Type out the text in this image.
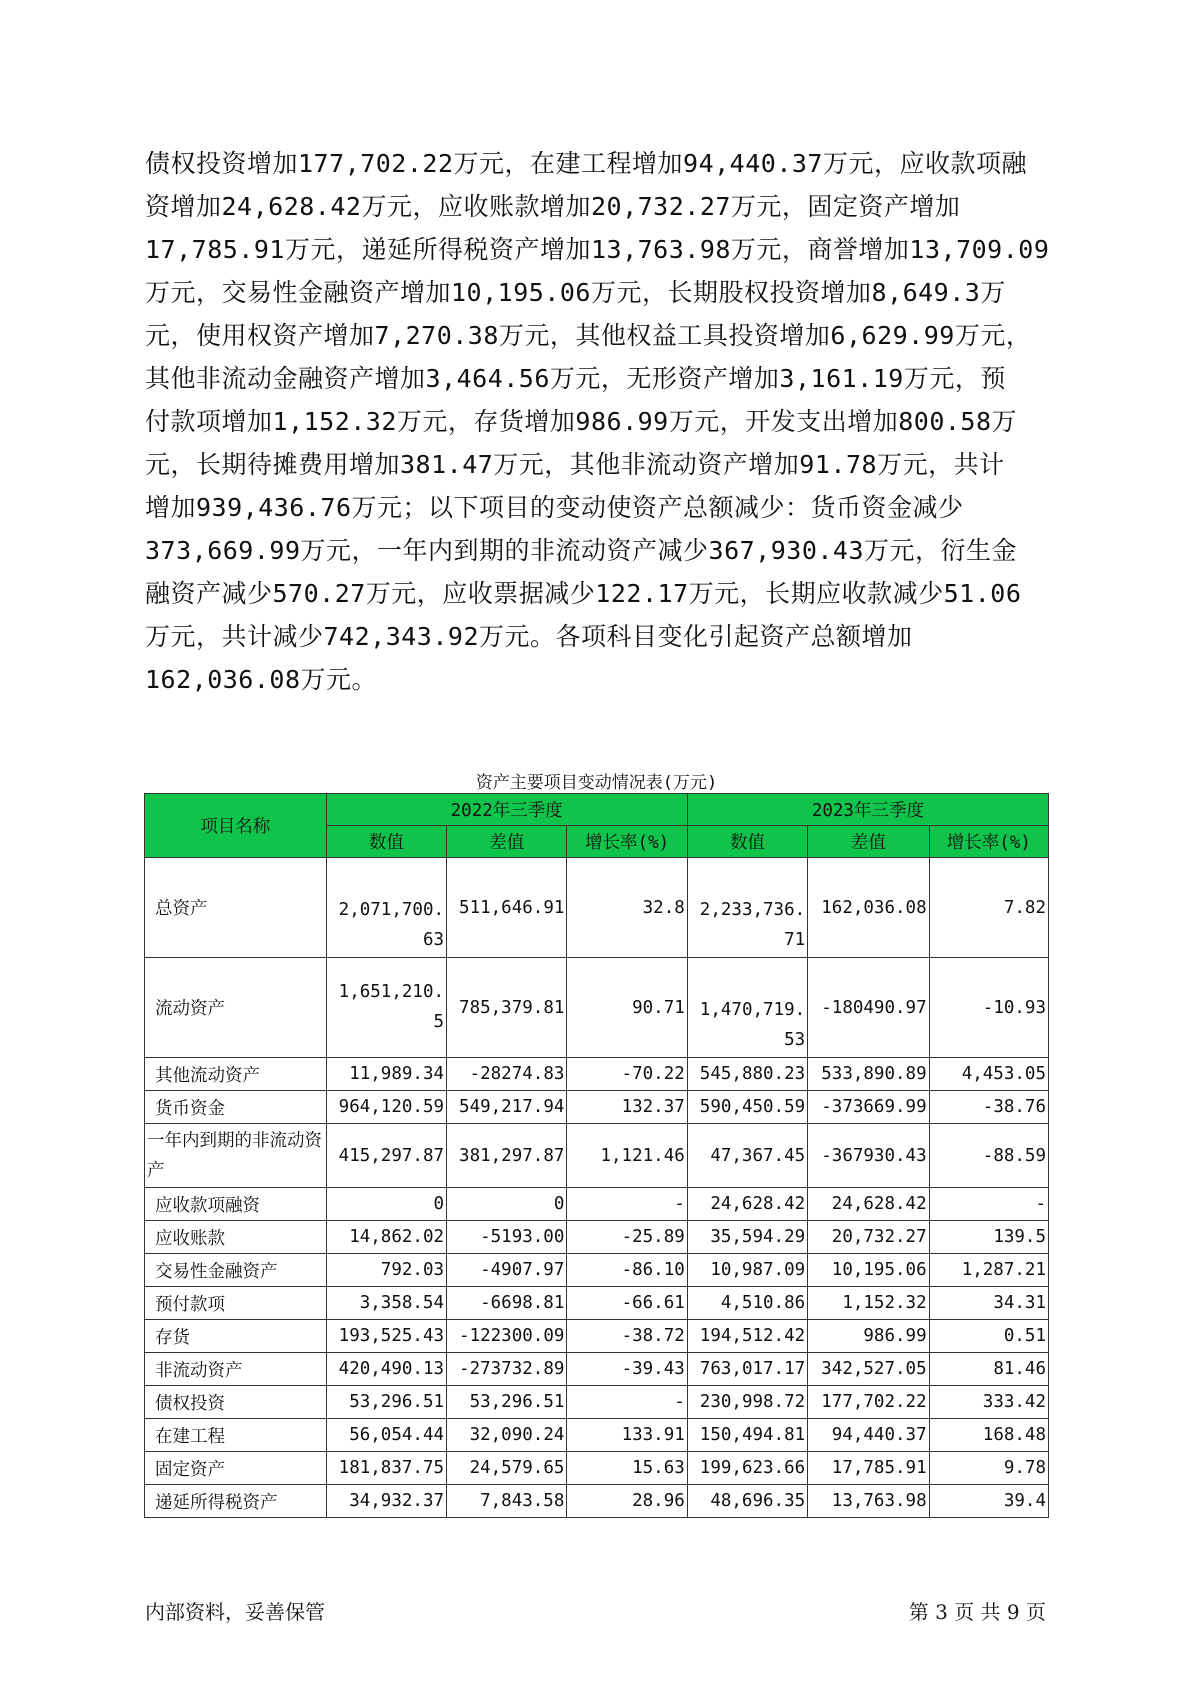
债权投资增加177,702.22万元，在建工程增加94,440.37万元，应收款项融

资增加24,628.42万元，应收账款增加20,732.27万元，固定资产增加

17,785.91万元，递延所得税资产增加13,763.98万元，商誉增加13,709.09

万元，交易性金融资产增加10,195.06万元，长期股权投资增加8,649.3万

元，使用权资产增加7,270.38万元，其他权益工具投资增加6,629.99万元，

其他非流动金融资产增加3,464.56万元，无形资产增加3,161.19万元，预

付款项增加1,152.32万元，存货增加986.99万元，开发支出增加800.58万

元，长期待摊费用增加381.47万元，其他非流动资产增加91.78万元，共计

增加939,436.76万元；以下项目的变动使资产总额减少：货币资金减少

373,669.99万元，一年内到期的非流动资产减少367,930.43万元，衍生金

融资产减少570.27万元，应收票据减少122.17万元，长期应收款减少51.06

万元，共计减少742,343.92万元。各项科目变化引起资产总额增加

162,036.08万元。

资产主要项目变动情况表(万元)
项目名称	2022年三季度			2023年三季度		
	数值	差值	增长率(%)	数值	差值	增长率(%)
总资产	2,071,700.63	511,646.91	32.8	2,233,736.71	162,036.08	7.82
流动资产	1,651,210.5	785,379.81	90.71	1,470,719.53	-180490.97	-10.93
其他流动资产	11,989.34	-28274.83	-70.22	545,880.23	533,890.89	4,453.05
货币资金	964,120.59	549,217.94	132.37	590,450.59	-373669.99	-38.76
一年内到期的非流动资产	415,297.87	381,297.87	1,121.46	47,367.45	-367930.43	-88.59
应收款项融资	0	0	-	24,628.42	24,628.42	-
应收账款	14,862.02	-5193.00	-25.89	35,594.29	20,732.27	139.5
交易性金融资产	792.03	-4907.97	-86.10	10,987.09	10,195.06	1,287.21
预付款项	3,358.54	-6698.81	-66.61	4,510.86	1,152.32	34.31
存货	193,525.43	-122300.09	-38.72	194,512.42	986.99	0.51
非流动资产	420,490.13	-273732.89	-39.43	763,017.17	342,527.05	81.46
债权投资	53,296.51	53,296.51	-	230,998.72	177,702.22	333.42
在建工程	56,054.44	32,090.24	133.91	150,494.81	94,440.37	168.48
固定资产	181,837.75	24,579.65	15.63	199,623.66	17,785.91	9.78
递延所得税资产	34,932.37	7,843.58	28.96	48,696.35	13,763.98	39.4
内部资料，妥善保管	第 3 页 共 9 页
